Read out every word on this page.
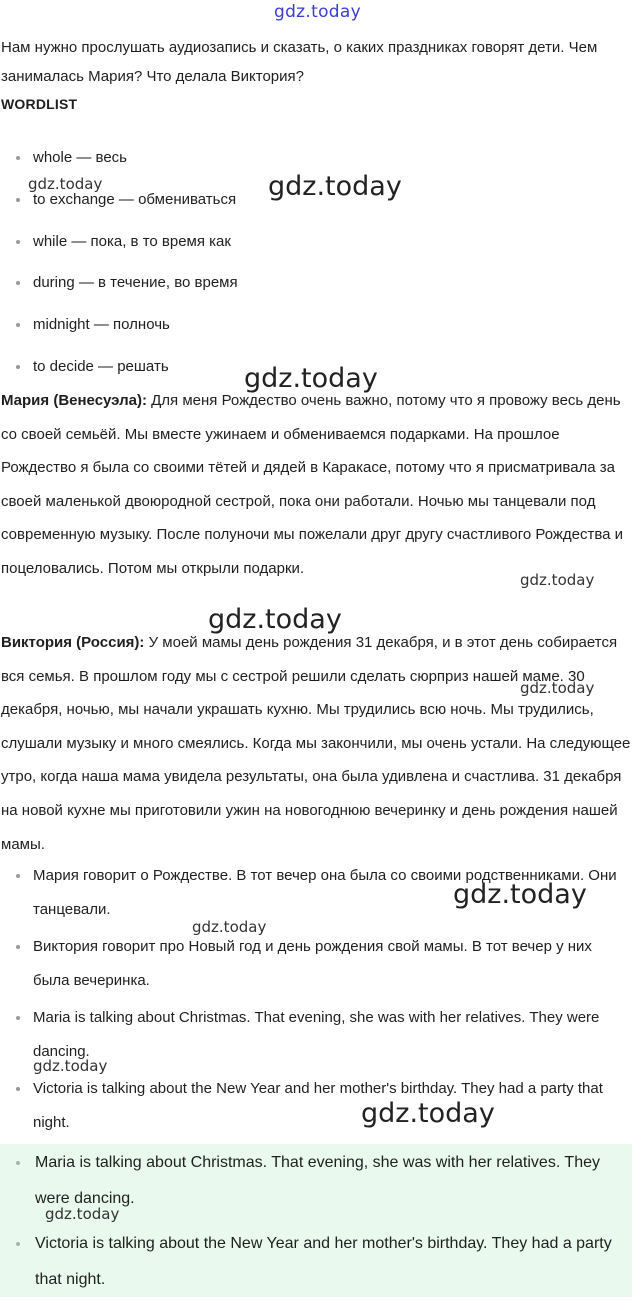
gdz.today

Нам нужно прослушать аудиозапись и сказать, о каких праздниках говорят дети. Чем занималась Мария? Что делала Виктория?

WORDLIST
whole — весь
to exchange — обмениваться
while — пока, в то время как
during — в течение, во время
midnight — полночь
to decide — решать

Мария (Венесуэла): Для меня Рождество очень важно, потому что я провожу весь день со своей семьёй. Мы вместе ужинаем и обмениваемся подарками. На прошлое Рождество я была со своими тётей и дядей в Каракасе, потому что я присматривала за своей маленькой двоюродной сестрой, пока они работали. Ночью мы танцевали под современную музыку. После полуночи мы пожелали друг другу счастливого Рождества и поцеловались. Потом мы открыли подарки.

Виктория (Россия): У моей мамы день рождения 31 декабря, и в этот день собирается вся семья. В прошлом году мы с сестрой решили сделать сюрприз нашей маме. 30 декабря, ночью, мы начали украшать кухню. Мы трудились всю ночь. Мы трудились, слушали музыку и много смеялись. Когда мы закончили, мы очень устали. На следующее утро, когда наша мама увидела результаты, она была удивлена и счастлива. 31 декабря на новой кухне мы приготовили ужин на новогоднюю вечеринку и день рождения нашей мамы.

Мария говорит о Рождестве. В тот вечер она была со своими родственниками. Они танцевали.
Виктория говорит про Новый год и день рождения свой мамы. В тот вечер у них была вечеринка.
Maria is talking about Christmas. That evening, she was with her relatives. They were dancing.
Victoria is talking about the New Year and her mother's birthday. They had a party that night.
Maria is talking about Christmas. That evening, she was with her relatives. They were dancing.
Victoria is talking about the New Year and her mother's birthday. They had a party that night.
gdz.today	gdz.today
gdz.today
gdz.today
gdz.today
gdz.today
gdz.today
gdz.today
gdz.today
gdz.today
gdz.today
